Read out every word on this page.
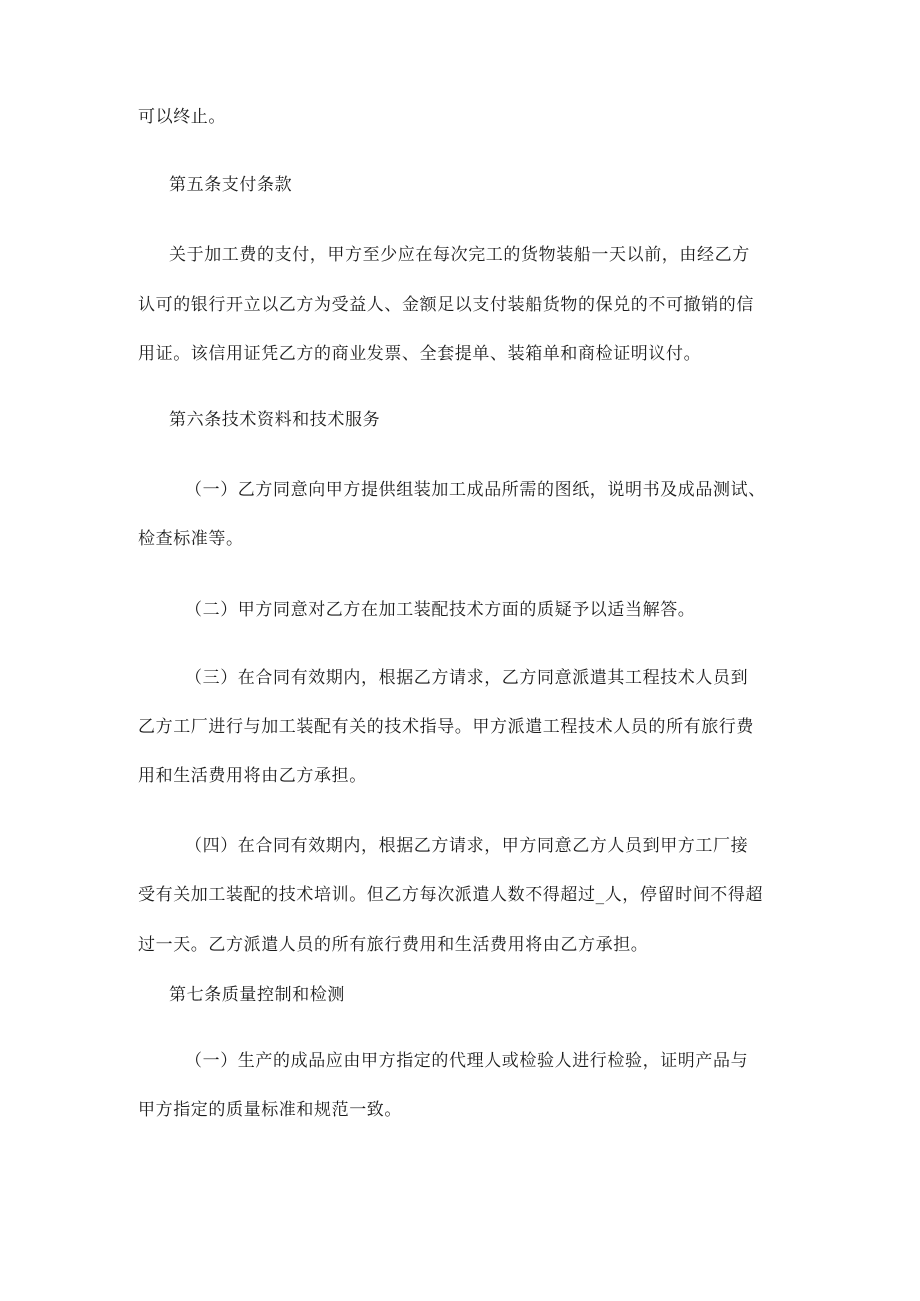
可以终止。
第五条支付条款
关于加工费的支付，甲方至少应在每次完工的货物装船一天以前，由经乙方
认可的银行开立以乙方为受益人、金额足以支付装船货物的保兑的不可撤销的信
用证。该信用证凭乙方的商业发票、全套提单、装箱单和商检证明议付。
第六条技术资料和技术服务
（一）乙方同意向甲方提供组装加工成品所需的图纸，说明书及成品测试、
检查标准等。
（二）甲方同意对乙方在加工装配技术方面的质疑予以适当解答。
（三）在合同有效期内，根据乙方请求，乙方同意派遣其工程技术人员到
乙方工厂进行与加工装配有关的技术指导。甲方派遣工程技术人员的所有旅行费
用和生活费用将由乙方承担。
（四）在合同有效期内，根据乙方请求，甲方同意乙方人员到甲方工厂接
受有关加工装配的技术培训。但乙方每次派遣人数不得超过_人，停留时间不得超
过一天。乙方派遣人员的所有旅行费用和生活费用将由乙方承担。
第七条质量控制和检测
（一）生产的成品应由甲方指定的代理人或检验人进行检验，证明产品与
甲方指定的质量标准和规范一致。
